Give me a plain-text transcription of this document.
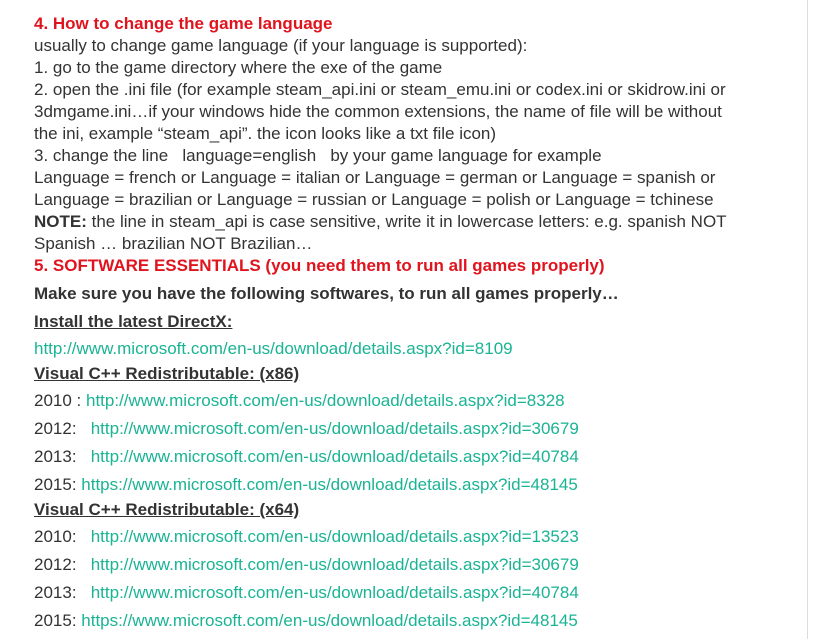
4. How to change the game language
usually to change game language (if your language is supported):
1. go to the game directory where the exe of the game
2. open the .ini file (for example steam_api.ini or steam_emu.ini or codex.ini or skidrow.ini or
3dmgame.ini…if your windows hide the common extensions, the name of file will be without
the ini, example “steam_api”. the icon looks like a txt file icon)
3. change the line   language=english   by your game language for example
Language = french or Language = italian or Language = german or Language = spanish or
Language = brazilian or Language = russian or Language = polish or Language = tchinese
NOTE: the line in steam_api is case sensitive, write it in lowercase letters: e.g. spanish NOT
Spanish … brazilian NOT Brazilian…
5. SOFTWARE ESSENTIALS (you need them to run all games properly)
Make sure you have the following softwares, to run all games properly…
Install the latest DirectX:
http://www.microsoft.com/en-us/download/details.aspx?id=8109
Visual C++ Redistributable: (x86)
2010 : http://www.microsoft.com/en-us/download/details.aspx?id=8328
2012:   http://www.microsoft.com/en-us/download/details.aspx?id=30679
2013:   http://www.microsoft.com/en-us/download/details.aspx?id=40784
2015: https://www.microsoft.com/en-us/download/details.aspx?id=48145
Visual C++ Redistributable: (x64)
2010:   http://www.microsoft.com/en-us/download/details.aspx?id=13523
2012:   http://www.microsoft.com/en-us/download/details.aspx?id=30679
2013:   http://www.microsoft.com/en-us/download/details.aspx?id=40784
2015: https://www.microsoft.com/en-us/download/details.aspx?id=48145
